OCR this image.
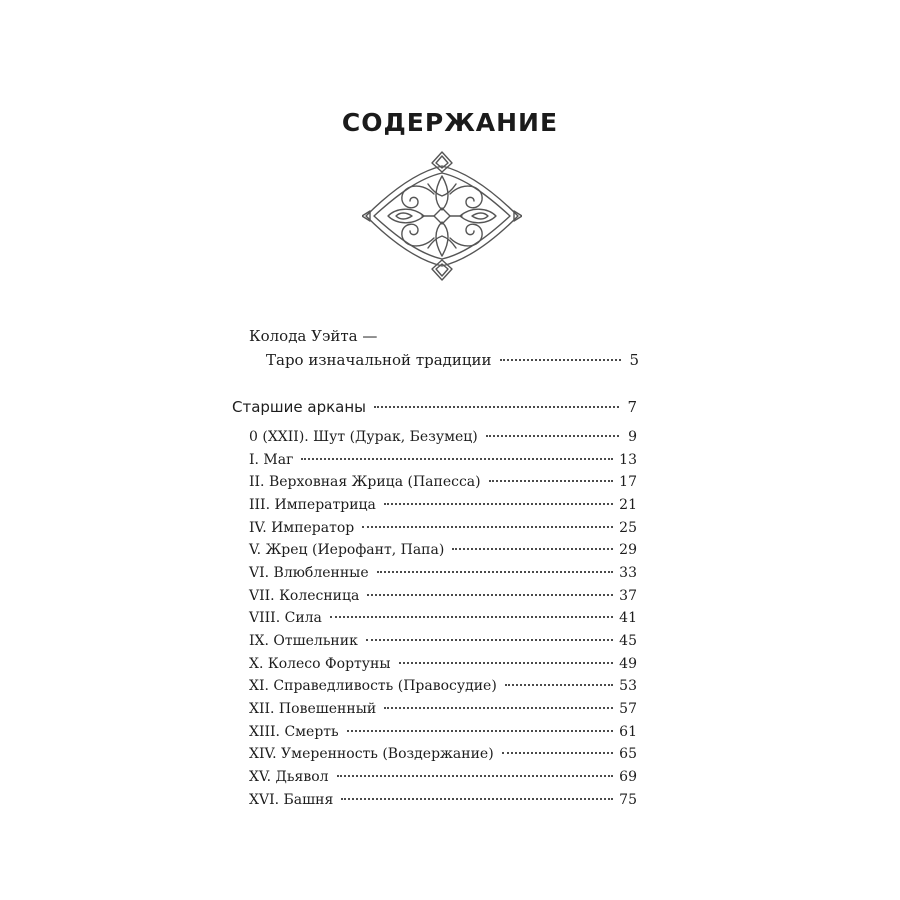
СОДЕРЖАНИЕ
Колода Уэйта —
Таро изначальной традиции	5
Старшие арканы	7
0 (XXII). Шут (Дурак, Безумец)	9
I. Маг	13
II. Верховная Жрица (Папесса)	17
III. Императрица	21
IV. Император	25
V. Жрец (Иерофант, Папа)	29
VI. Влюбленные	33
VII. Колесница	37
VIII. Сила	41
IX. Отшельник	45
X. Колесо Фортуны	49
XI. Справедливость (Правосудие)	53
XII. Повешенный	57
XIII. Смерть	61
XIV. Умеренность (Воздержание)	65
XV. Дьявол	69
XVI. Башня	75
